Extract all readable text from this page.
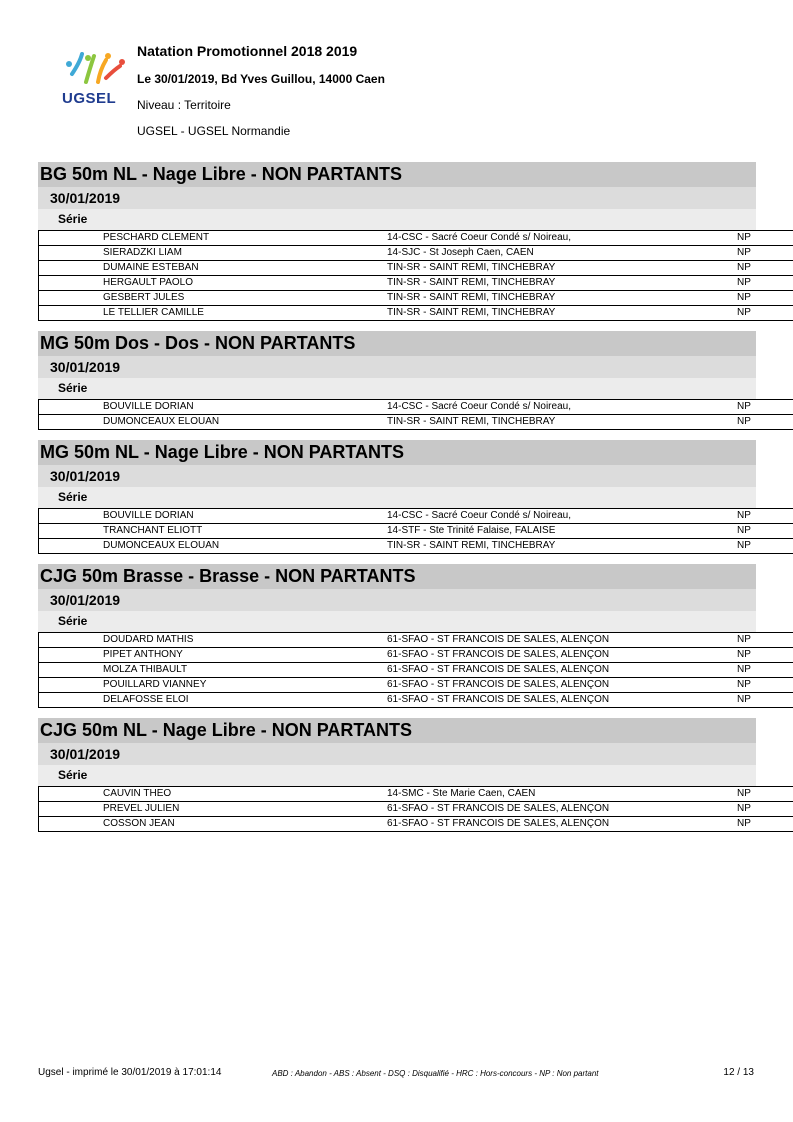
UGSEL
Natation Promotionnel 2018 2019
Le 30/01/2019, Bd Yves Guillou, 14000 Caen
Niveau : Territoire
UGSEL - UGSEL Normandie
BG 50m NL - Nage Libre - NON PARTANTS
30/01/2019
Série
PESCHARD CLEMENT	14-CSC - Sacré Coeur Condé s/ Noireau,	NP
SIERADZKI LIAM	14-SJC - St Joseph Caen, CAEN	NP
DUMAINE ESTEBAN	TIN-SR - SAINT REMI, TINCHEBRAY	NP
HERGAULT PAOLO	TIN-SR - SAINT REMI, TINCHEBRAY	NP
GESBERT JULES	TIN-SR - SAINT REMI, TINCHEBRAY	NP
LE TELLIER CAMILLE	TIN-SR - SAINT REMI, TINCHEBRAY	NP
MG 50m Dos - Dos - NON PARTANTS
30/01/2019
Série
BOUVILLE DORIAN	14-CSC - Sacré Coeur Condé s/ Noireau,	NP
DUMONCEAUX ELOUAN	TIN-SR - SAINT REMI, TINCHEBRAY	NP
MG 50m NL - Nage Libre - NON PARTANTS
30/01/2019
Série
BOUVILLE DORIAN	14-CSC - Sacré Coeur Condé s/ Noireau,	NP
TRANCHANT ELIOTT	14-STF - Ste Trinité Falaise, FALAISE	NP
DUMONCEAUX ELOUAN	TIN-SR - SAINT REMI, TINCHEBRAY	NP
CJG 50m Brasse - Brasse - NON PARTANTS
30/01/2019
Série
DOUDARD MATHIS	61-SFAO - ST FRANCOIS DE SALES, ALENÇON	NP
PIPET ANTHONY	61-SFAO - ST FRANCOIS DE SALES, ALENÇON	NP
MOLZA THIBAULT	61-SFAO - ST FRANCOIS DE SALES, ALENÇON	NP
POUILLARD VIANNEY	61-SFAO - ST FRANCOIS DE SALES, ALENÇON	NP
DELAFOSSE ELOI	61-SFAO - ST FRANCOIS DE SALES, ALENÇON	NP
CJG 50m NL - Nage Libre - NON PARTANTS
30/01/2019
Série
CAUVIN THEO	14-SMC - Ste Marie Caen, CAEN	NP
PREVEL JULIEN	61-SFAO - ST FRANCOIS DE SALES, ALENÇON	NP
COSSON JEAN	61-SFAO - ST FRANCOIS DE SALES, ALENÇON	NP
Ugsel - imprimé le 30/01/2019 à 17:01:14	ABD : Abandon - ABS : Absent - DSQ : Disqualifié - HRC : Hors-concours - NP : Non partant	12 / 13
